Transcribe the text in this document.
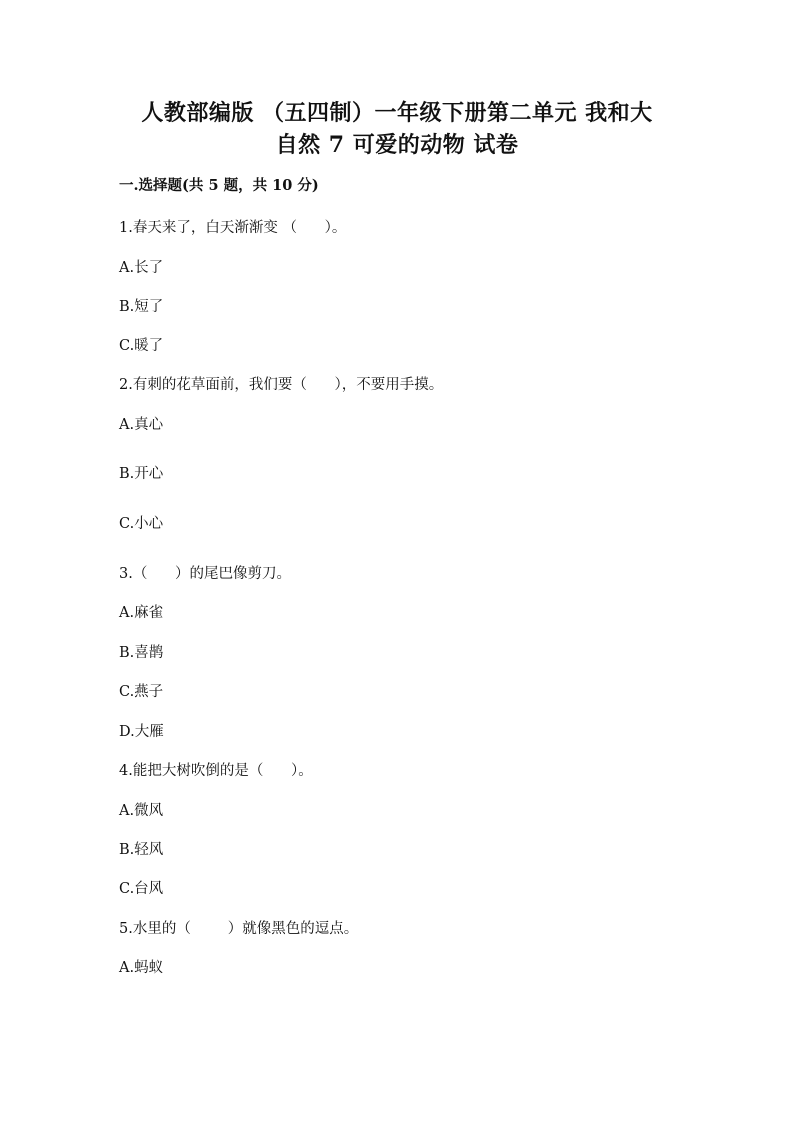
人教部编版 （五四制）一年级下册第二单元 我和大
自然 7 可爱的动物 试卷
一.选择题(共 5 题，共 10 分)
1.春天来了，白天渐渐变 （      ）。
A.长了
B.短了
C.暖了
2.有刺的花草面前，我们要（      ），不要用手摸。
A.真心
B.开心
C.小心
3.（      ）的尾巴像剪刀。
A.麻雀
B.喜鹊
C.燕子
D.大雁
4.能把大树吹倒的是（      ）。
A.微风
B.轻风
C.台风
5.水里的（        ）就像黑色的逗点。
A.蚂蚁
